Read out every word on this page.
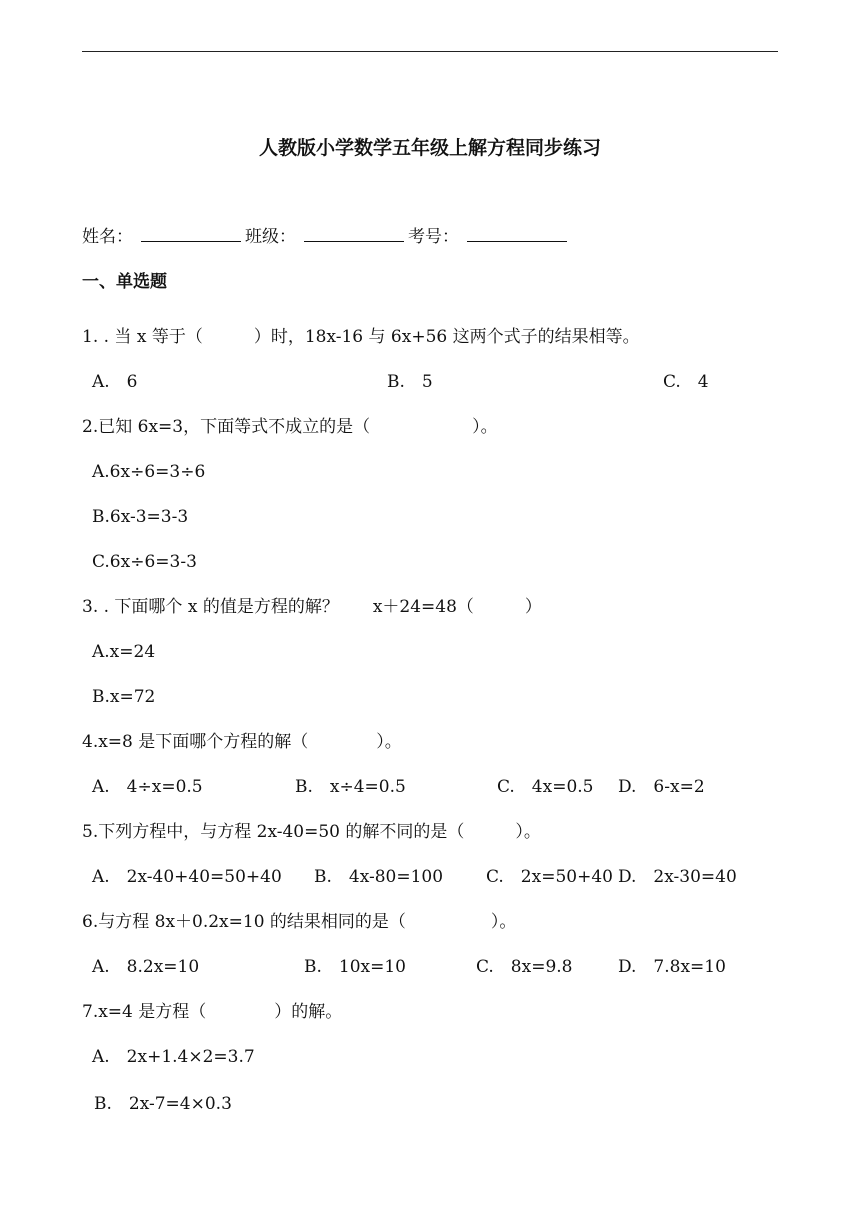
人教版小学数学五年级上解方程同步练习
姓名：	班级：	考号：
一、单选题
1. . 当 x 等于（　　　）时，18x-16 与 6x+56 这两个式子的结果相等。
A.　6	B.　5	C.　4
2.已知 6x=3，下面等式不成立的是（　　　　　　）。
A.6x÷6=3÷6
B.6x-3=3-3
C.6x÷6=3-3
3. . 下面哪个 x 的值是方程的解？　　x＋24=48（　　　）
A.x=24
B.x=72
4.x=8 是下面哪个方程的解（　　　　）。
A.　4÷x=0.5	B.　x÷4=0.5	C.　4x=0.5 D.　6-x=2
5.下列方程中，与方程 2x-40=50 的解不同的是（　　　）。
A.　2x-40+40=50+40 B.　4x-80=100	C.　2x=50+40 D.　2x-30=40
6.与方程 8x＋0.2x=10 的结果相同的是（　　　　　）。
A.　8.2x=10	B.　10x=10	C.　8x=9.8	D.　7.8x=10
7.x=4 是方程（　　　　）的解。
A.　2x+1.4×2=3.7
B.　2x-7=4×0.3
